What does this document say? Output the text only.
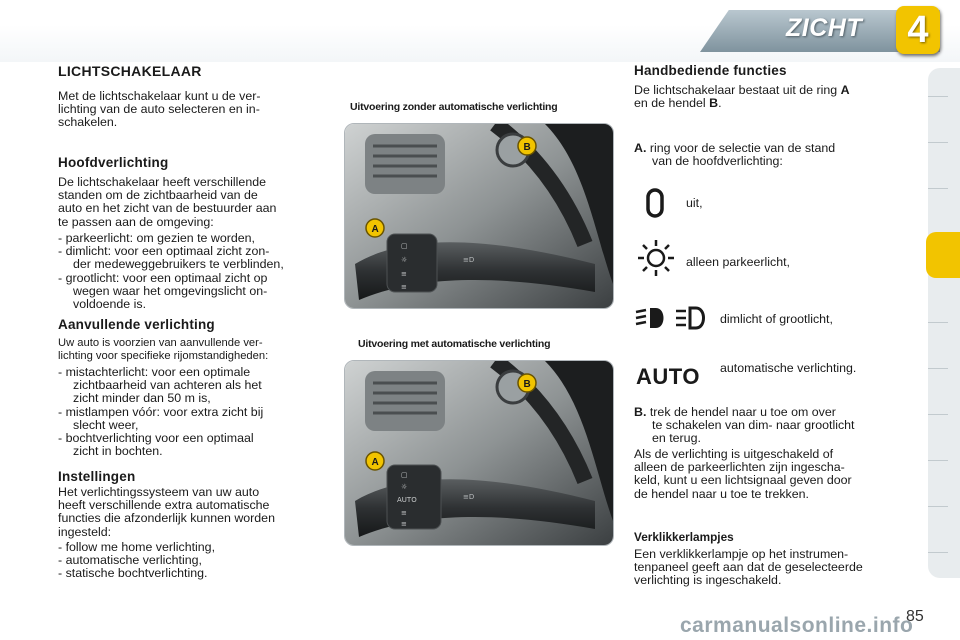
ZICHT	4
LICHTSCHAKELAAR
Met de lichtschakelaar kunt u de ver-
lichting van de auto selecteren en in-
schakelen.
Hoofdverlichting
De lichtschakelaar heeft verschillende
standen om de zichtbaarheid van de
auto en het zicht van de bestuurder aan
te passen aan de omgeving:
- parkeerlicht: om gezien te worden,
- dimlicht: voor een optimaal zicht zon-
der medeweggebruikers te verblinden,
- grootlicht: voor een optimaal zicht op
wegen waar het omgevingslicht on-
voldoende is.
Aanvullende verlichting
Uw auto is voorzien van aanvullende ver-
lichting voor specifieke rijomstandigheden:
- mistachterlicht: voor een optimale
zichtbaarheid van achteren als het
zicht minder dan 50 m is,
- mistlampen vóór: voor extra zicht bij
slecht weer,
- bochtverlichting voor een optimaal
zicht in bochten.
Instellingen
Het verlichtingssysteem van uw auto
heeft verschillende extra automatische
functies die afzonderlijk kunnen worden
ingesteld:
- follow me home verlichting,
- automatische verlichting,
- statische bochtverlichting.
Uitvoering zonder automatische verlichting
▢
☼
≡
≡
≡D
A
B
Uitvoering met automatische verlichting
▢
☼
AUTO
≡
≡
≡D
A
B
Handbediende functies
De lichtschakelaar bestaat uit de ring A
en de hendel B.
A. ring voor de selectie van de stand
van de hoofdverlichting:
uit,
alleen parkeerlicht,
dimlicht of grootlicht,
AUTO automatische verlichting.
B. trek de hendel naar u toe om over
te schakelen van dim- naar grootlicht
en terug.
Als de verlichting is uitgeschakeld of
alleen de parkeerlichten zijn ingescha-
keld, kunt u een lichtsignaal geven door
de hendel naar u toe te trekken.
Verklikkerlampjes
Een verklikkerlampje op het instrumen-
tenpaneel geeft aan dat de geselecteerde
verlichting is ingeschakeld.
85
carmanualsonline.info
